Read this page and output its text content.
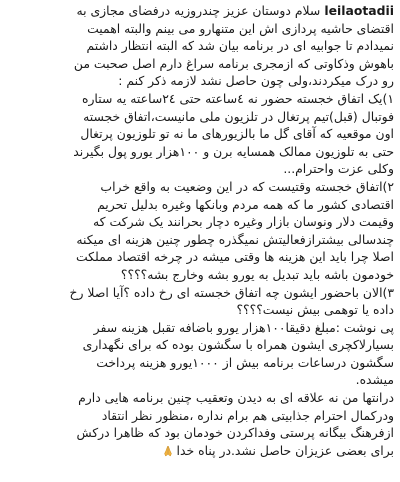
leilaotadiiسلام دوستان عزیز چندروزیه درفضای مجازی به
اقتضای حاشیه پردازی اش این متنهارو می بینم والبته اهمیت
نمیدادم تا جوابیه ای در برنامه بیان شد که البته انتظار داشتم
باهوش وذکاوتی که ازمجری برنامه سراغ دارم اصل صحبت من
رو درک میکردند،ولی چون حاصل نشد لازمه ذکر کنم :
۱)یک اتفاق خجسته حضور نه ٤ساعته حتی ۲٤ساعته یه ستاره
فوتبال (قبل)تیم پرتغال در تلزیون ملی مانیست،اتفاق خجسته
اون موقعیه که آقای گل ما بالزیورهای ما نه تو تلوزیون پرتغال
حتی به تلوزیون ممالک همسایه برن و ۱۰۰هزار یورو پول بگیرند
وکلی عزت واحترام...
۲)اتفاق خجسته وقتیست که در این وضعیت به واقع خراب
اقتصادی کشور ما که همه مردم وبانکها وغیره بدلیل تحریم
وقیمت دلار ونوسان بازار وغیره دچار بحرانند یک شرکت که
چندسالی بیشترازفعالیتش نمیگذره چطور چنین هزینه ای میکنه
اصلا چرا باید این هزینه ها وقتی میشه در چرخه اقتصاد مملکت
خودمون باشه باید تبدیل به یورو بشه وخارج بشه؟؟؟؟
۳)الان باحضور ایشون چه اتفاق خجسته ای رخ داده ؟آیا اصلا رخ
داده یا توهمی بیش نیست؟؟؟؟
پی نوشت :مبلغ دقیقا۱۰۰هزار یورو باضافه تقبل هزینه سفر
بسیارلاکچری ایشون همراه با سگشون بوده که برای نگهداری
سگشون درساعات برنامه بیش از ۱۰۰۰یورو هزینه پرداخت
میشده.
درانتها من نه علاقه ای به دیدن وتعقیب چنین برنامه هایی دارم
ودرکمال احترام جذابیتی هم برام نداره ،منظور نظر انتقاد
ازفرهنگ بیگانه پرستی وفداکردن خودمان بود که ظاهرا درکش
برای بعضی عزیزان حاصل نشد.در پناه خدا
